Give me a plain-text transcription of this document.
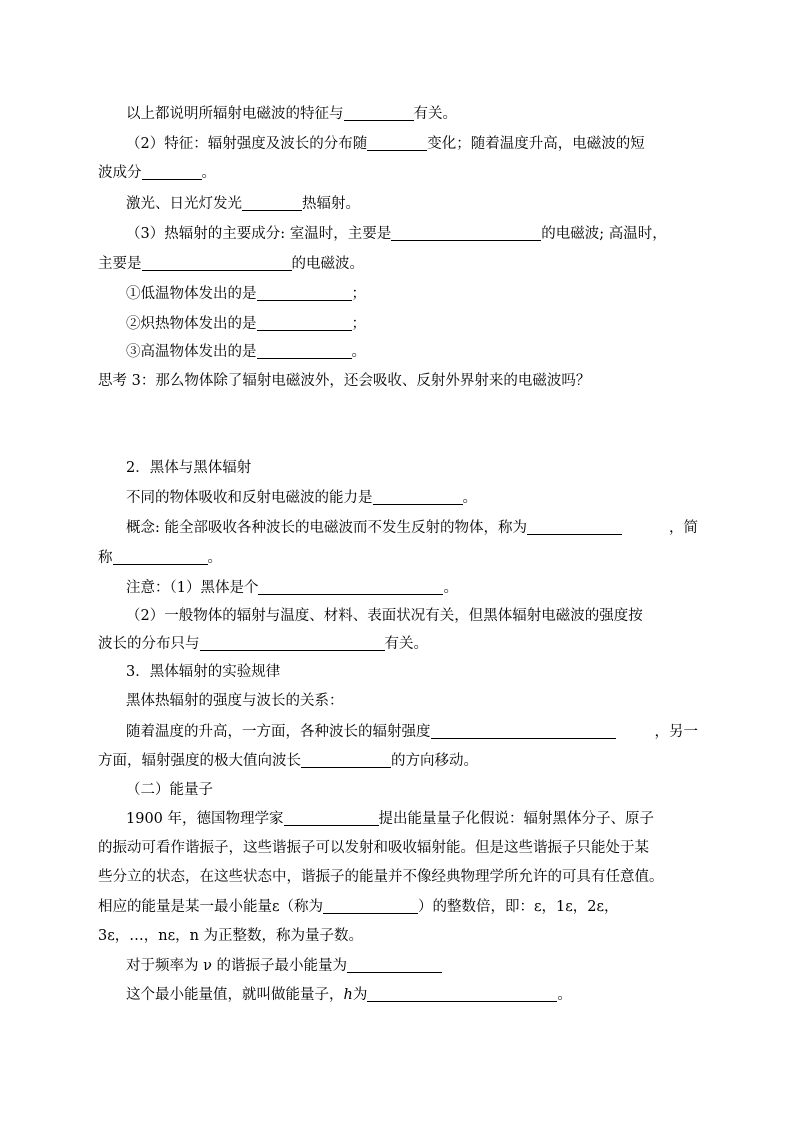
以上都说明所辐射电磁波的特征与	有关。
（2）特征：辐射强度及波长的分布随	变化；随着温度升高，电磁波的短
波成分	。
激光、日光灯发光	热辐射。
（3）热辐射的主要成分: 室温时，主要是	的电磁波; 高温时，
主要是	的电磁波。
①低温物体发出的是	；
②炽热物体发出的是	；
③高温物体发出的是	。
思考 3：那么物体除了辐射电磁波外，还会吸收、反射外界射来的电磁波吗？
2．黑体与黑体辐射
不同的物体吸收和反射电磁波的能力是	。
概念: 能全部吸收各种波长的电磁波而不发生反射的物体，称为	，简
称	。
注意：（1）黑体是个	。
（2）一般物体的辐射与温度、材料、表面状况有关，但黑体辐射电磁波的强度按
波长的分布只与	有关。
3．黑体辐射的实验规律
黑体热辐射的强度与波长的关系：
随着温度的升高，一方面，各种波长的辐射强度	，另一
方面，辐射强度的极大值向波长	的方向移动。
（二）能量子
1900 年，德国物理学家	提出能量量子化假说：辐射黑体分子、原子
的振动可看作谐振子，这些谐振子可以发射和吸收辐射能。但是这些谐振子只能处于某
些分立的状态，在这些状态中，谐振子的能量并不像经典物理学所允许的可具有任意值。
相应的能量是某一最小能量ε（称为	）的整数倍，即：ε，1ε，2ε，
3ε，…，nε，n 为正整数，称为量子数。
对于频率为 ν 的谐振子最小能量为
这个最小能量值，就叫做能量子，h为	。
